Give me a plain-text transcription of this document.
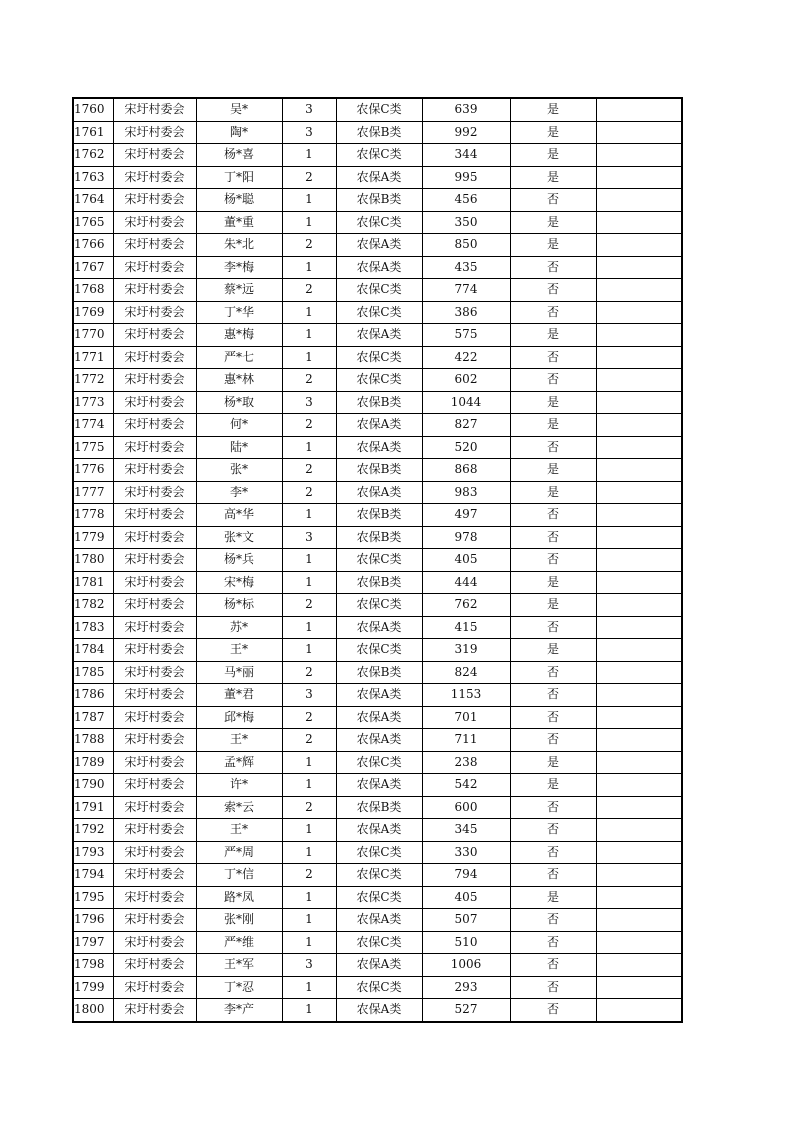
1760	宋圩村委会	吴*	3	农保C类	639	是	
1761	宋圩村委会	陶*	3	农保B类	992	是	
1762	宋圩村委会	杨*喜	1	农保C类	344	是	
1763	宋圩村委会	丁*阳	2	农保A类	995	是	
1764	宋圩村委会	杨*聪	1	农保B类	456	否	
1765	宋圩村委会	董*重	1	农保C类	350	是	
1766	宋圩村委会	朱*北	2	农保A类	850	是	
1767	宋圩村委会	李*梅	1	农保A类	435	否	
1768	宋圩村委会	蔡*远	2	农保C类	774	否	
1769	宋圩村委会	丁*华	1	农保C类	386	否	
1770	宋圩村委会	惠*梅	1	农保A类	575	是	
1771	宋圩村委会	严*七	1	农保C类	422	否	
1772	宋圩村委会	惠*林	2	农保C类	602	否	
1773	宋圩村委会	杨*取	3	农保B类	1044	是	
1774	宋圩村委会	何*	2	农保A类	827	是	
1775	宋圩村委会	陆*	1	农保A类	520	否	
1776	宋圩村委会	张*	2	农保B类	868	是	
1777	宋圩村委会	李*	2	农保A类	983	是	
1778	宋圩村委会	高*华	1	农保B类	497	否	
1779	宋圩村委会	张*文	3	农保B类	978	否	
1780	宋圩村委会	杨*兵	1	农保C类	405	否	
1781	宋圩村委会	宋*梅	1	农保B类	444	是	
1782	宋圩村委会	杨*标	2	农保C类	762	是	
1783	宋圩村委会	苏*	1	农保A类	415	否	
1784	宋圩村委会	王*	1	农保C类	319	是	
1785	宋圩村委会	马*丽	2	农保B类	824	否	
1786	宋圩村委会	董*君	3	农保A类	1153	否	
1787	宋圩村委会	邱*梅	2	农保A类	701	否	
1788	宋圩村委会	王*	2	农保A类	711	否	
1789	宋圩村委会	孟*辉	1	农保C类	238	是	
1790	宋圩村委会	许*	1	农保A类	542	是	
1791	宋圩村委会	索*云	2	农保B类	600	否	
1792	宋圩村委会	王*	1	农保A类	345	否	
1793	宋圩村委会	严*周	1	农保C类	330	否	
1794	宋圩村委会	丁*信	2	农保C类	794	否	
1795	宋圩村委会	路*凤	1	农保C类	405	是	
1796	宋圩村委会	张*刚	1	农保A类	507	否	
1797	宋圩村委会	严*维	1	农保C类	510	否	
1798	宋圩村委会	王*军	3	农保A类	1006	否	
1799	宋圩村委会	丁*忍	1	农保C类	293	否	
1800	宋圩村委会	李*产	1	农保A类	527	否	
